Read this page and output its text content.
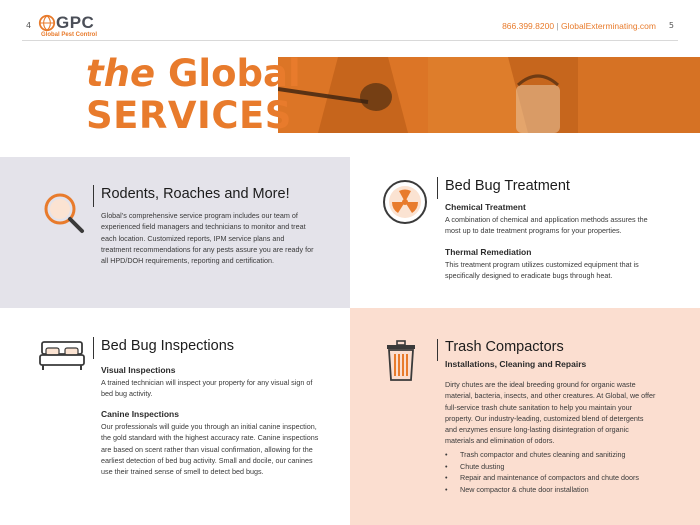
4 GPC
Global Pest Control
866.399.8200 | GlobalExterminating.com 5
the Global
SERVICES
Rodents, Roaches and More!
Global’s comprehensive service program includes our team of experienced field managers and technicians to monitor and treat each location. Customized reports, IPM service plans and treatment recommendations for any pests assure you are ready for all HPD/DOH requirements, reporting and certification.
Bed Bug Treatment
Chemical Treatment
A combination of chemical and application methods assures the most up to date treatment programs for your properties.
Thermal Remediation
This treatment program utilizes customized equipment that is specifically designed to eradicate bugs through heat.
Bed Bug Inspections
Visual Inspections
A trained technician will inspect your property for any visual sign of bed bug activity.
Canine Inspections
Our professionals will guide you through an initial canine inspection, the gold standard with the highest accuracy rate. Canine inspections are based on scent rather than visual confirmation, allowing for the earliest detection of bed bug activity. Small and docile, our canines use their trained sense of smell to detect bed bugs.
Trash Compactors
Installations, Cleaning and Repairs
Dirty chutes are the ideal breeding ground for organic waste material, bacteria, insects, and other creatures. At Global, we offer full-service trash chute sanitation to help you maintain your property. Our industry-leading, customized blend of detergents and enzymes ensure long-lasting disintegration of organic materials and elimination of odors.
• Trash compactor and chutes cleaning and sanitizing
• Chute dusting
• Repair and maintenance of compactors and chute doors
• New compactor & chute door installation
